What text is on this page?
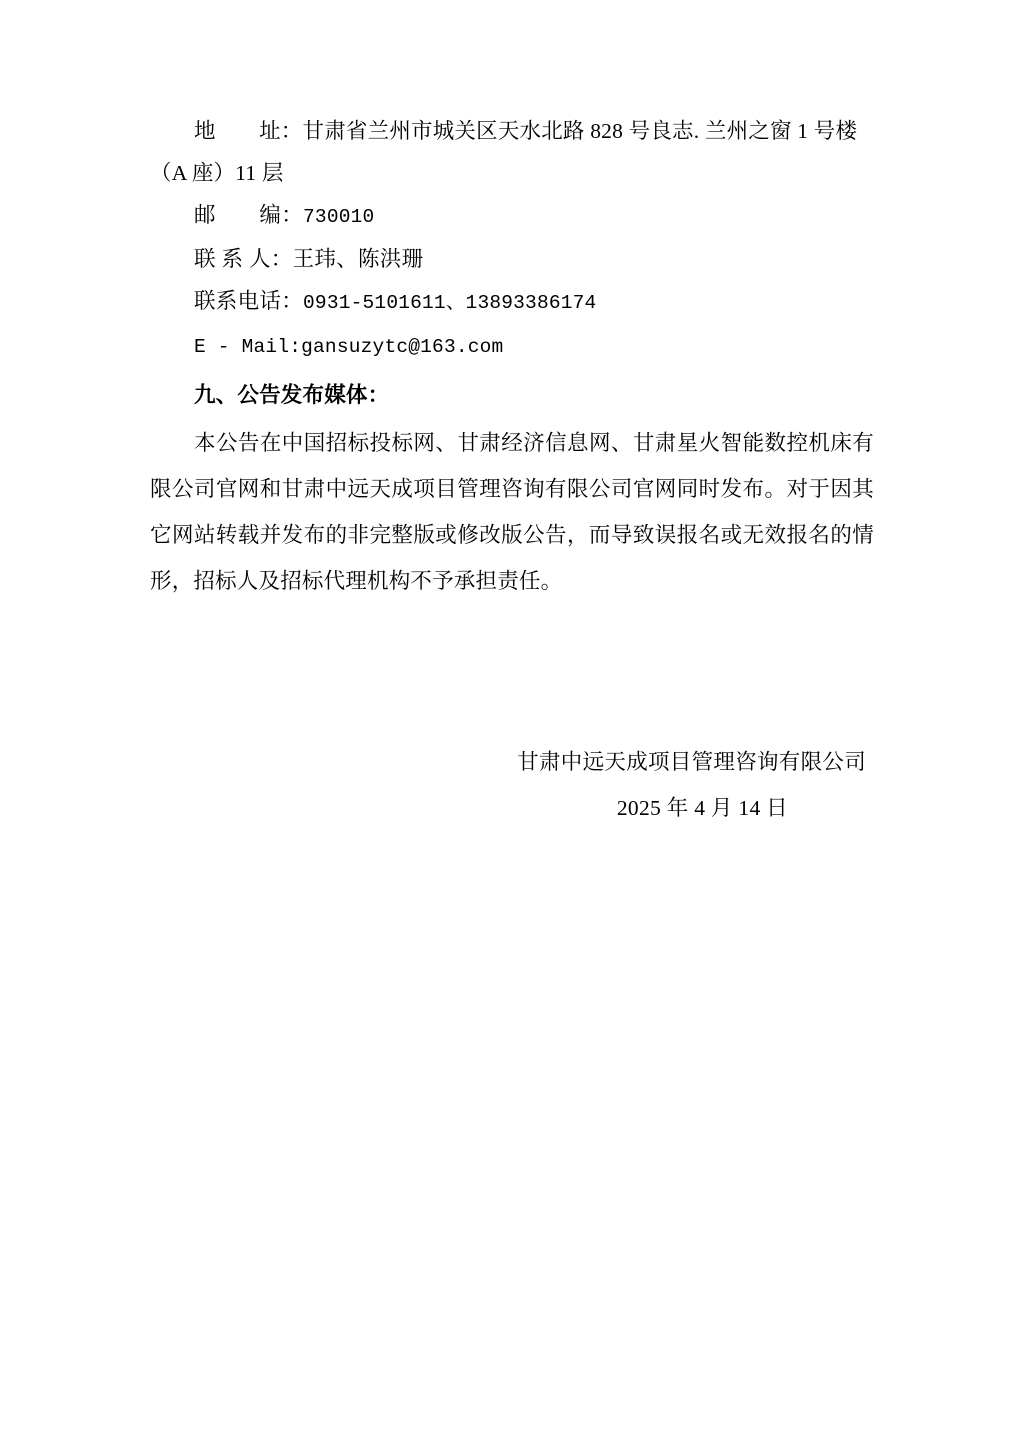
地　　址：甘肃省兰州市城关区天水北路 828 号良志. 兰州之窗 1 号楼（A 座）11 层
邮　　编：730010
联 系 人：王玮、陈洪珊
联系电话：0931-5101611、13893386174
E - Mail:gansuzytc@163.com
九、公告发布媒体：
本公告在中国招标投标网、甘肃经济信息网、甘肃星火智能数控机床有限公司官网和甘肃中远天成项目管理咨询有限公司官网同时发布。对于因其它网站转载并发布的非完整版或修改版公告，而导致误报名或无效报名的情形，招标人及招标代理机构不予承担责任。
甘肃中远天成项目管理咨询有限公司
2025 年 4 月 14 日
